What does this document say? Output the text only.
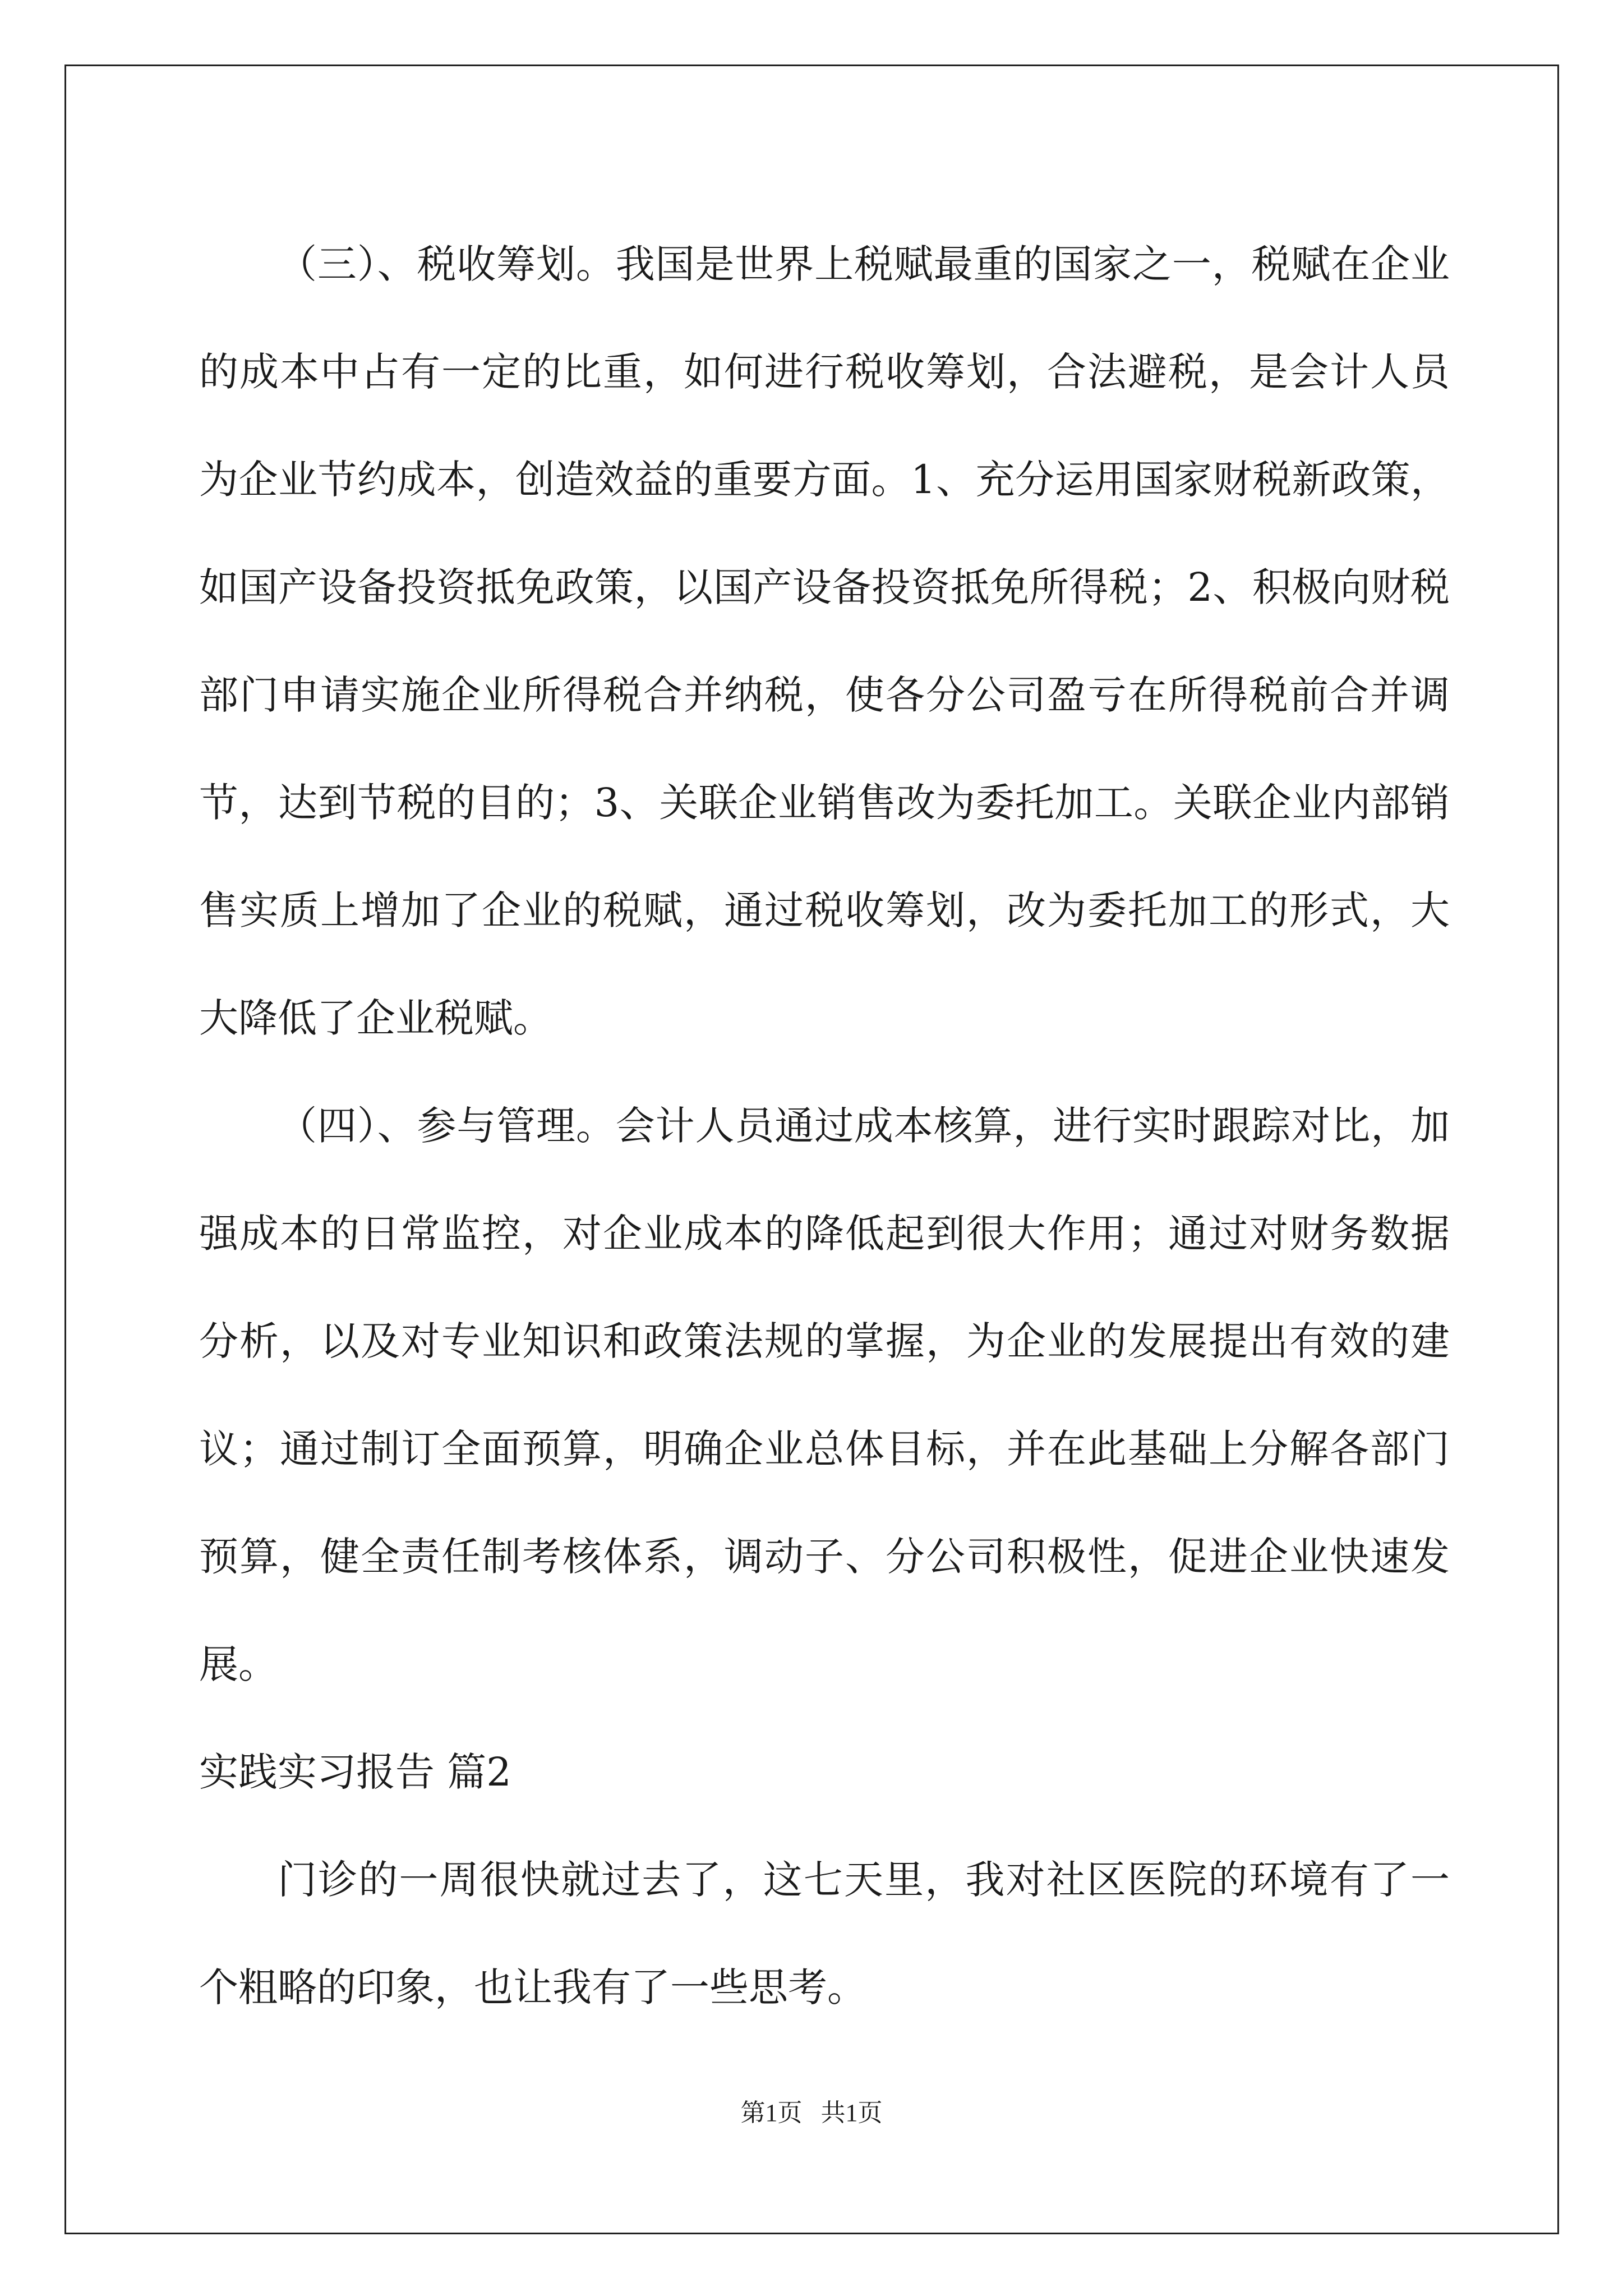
（三）、税收筹划。我国是世界上税赋最重的国家之一，税赋在企业的成本中占有一定的比重，如何进行税收筹划，合法避税，是会计人员为企业节约成本，创造效益的重要方面。1、充分运用国家财税新政策，如国产设备投资抵免政策，以国产设备投资抵免所得税；2、积极向财税部门申请实施企业所得税合并纳税，使各分公司盈亏在所得税前合并调节，达到节税的目的；3、关联企业销售改为委托加工。关联企业内部销售实质上增加了企业的税赋，通过税收筹划，改为委托加工的形式，大大降低了企业税赋。

（四）、参与管理。会计人员通过成本核算，进行实时跟踪对比，加强成本的日常监控，对企业成本的降低起到很大作用；通过对财务数据分析，以及对专业知识和政策法规的掌握，为企业的发展提出有效的建议；通过制订全面预算，明确企业总体目标，并在此基础上分解各部门预算，健全责任制考核体系，调动子、分公司积极性，促进企业快速发展。

实践实习报告 篇2

门诊的一周很快就过去了，这七天里，我对社区医院的环境有了一个粗略的印象，也让我有了一些思考。

第1页   共1页
